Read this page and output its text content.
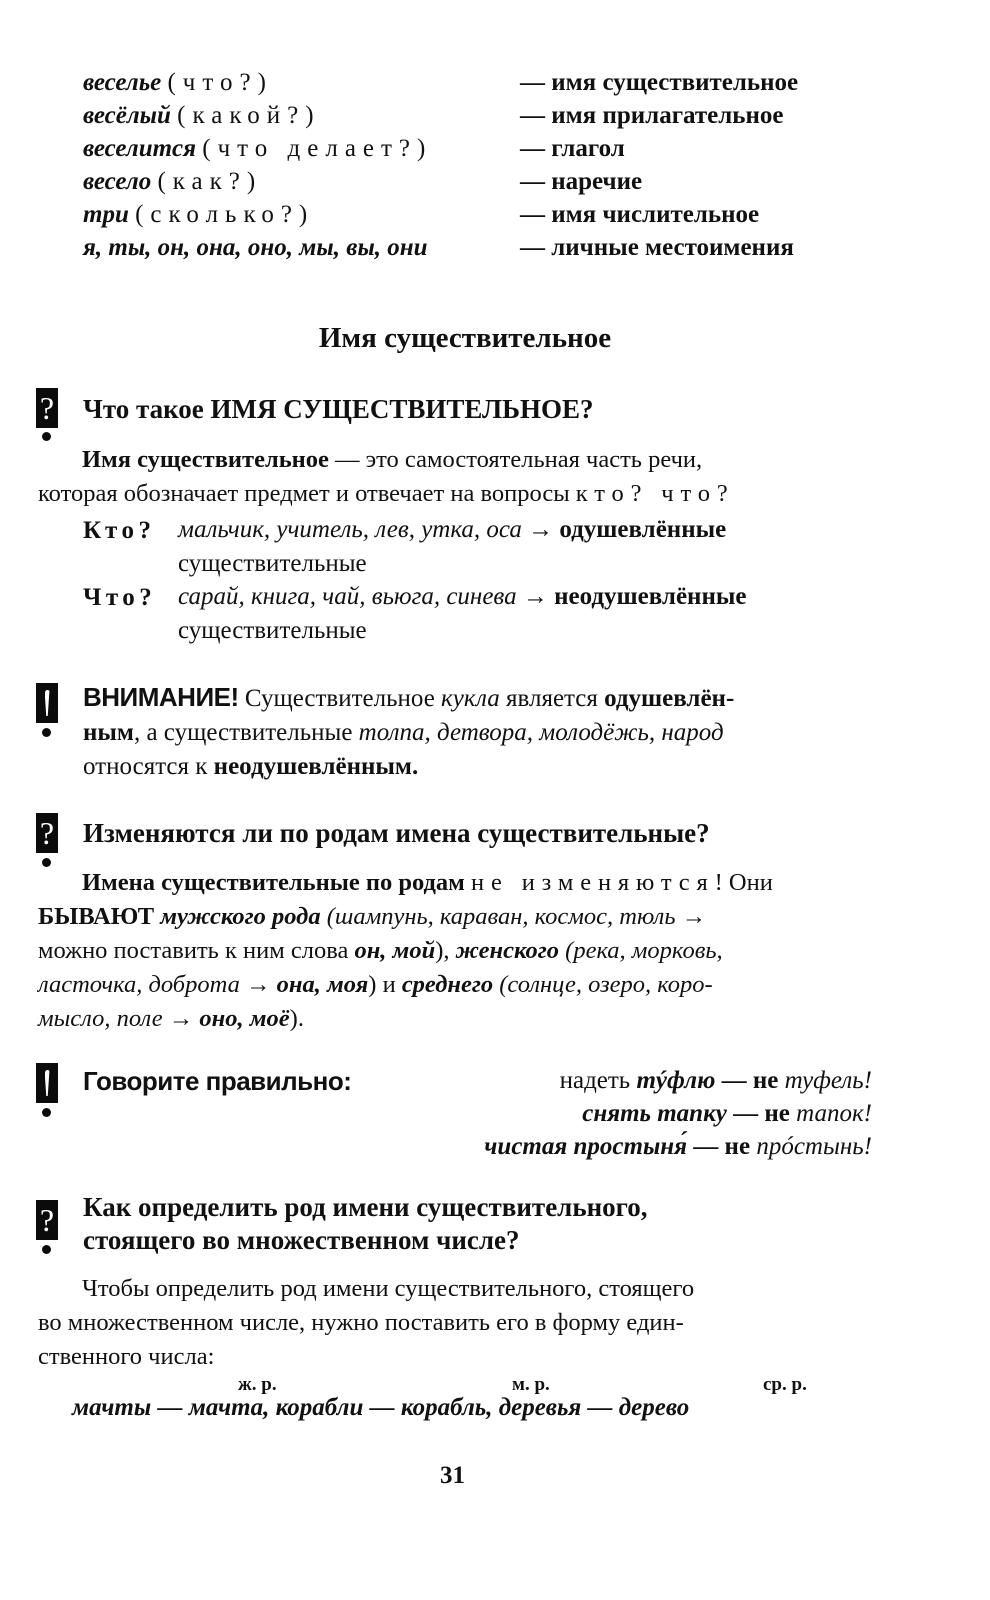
веселье (что?)	— имя существительное
весёлый (какой?)	— имя прилагательное
веселится (что делает?)	— глагол
весело (как?)	— наречие
три (сколько?)	— имя числительное
я, ты, он, она, оно, мы, вы, они	— личные местоимения
Имя существительное
? Что такое ИМЯ СУЩЕСТВИТЕЛЬНОЕ?
Имя существительное — это самостоятельная часть речи,
которая обозначает предмет и отвечает на вопросы кто? что?
Кто? мальчик, учитель, лев, утка, оса → одушевлённые
существительные
Что? сарай, книга, чай, вьюга, синева → неодушевлённые
существительные
ВНИМАНИЕ! Существительное кукла является одушевлён-
ным, а существительные толпа, детвора, молодёжь, народ
относятся к неодушевлённым.
? Изменяются ли по родам имена существительные?
Имена существительные по родам не изменяются! Они
БЫВАЮТ мужского рода (шампунь, караван, космос, тюль →
можно поставить к ним слова он, мой), женского (река, морковь,
ласточка, доброта → она, моя) и среднего (солнце, озеро, коро-
мысло, поле → оно, моё).
Говорите правильно:	надеть тýфлю — не туфель!
снять тапку — не тапок!
чистая простыня́ — не прóстынь!
? Как определить род имени существительного,
стоящего во множественном числе?
Чтобы определить род имени существительного, стоящего
во множественном числе, нужно поставить его в форму един-
ственного числа:
ж. р.	м. р.	ср. р.
мачты — мачта, корабли — корабль, деревья — дерево
31
